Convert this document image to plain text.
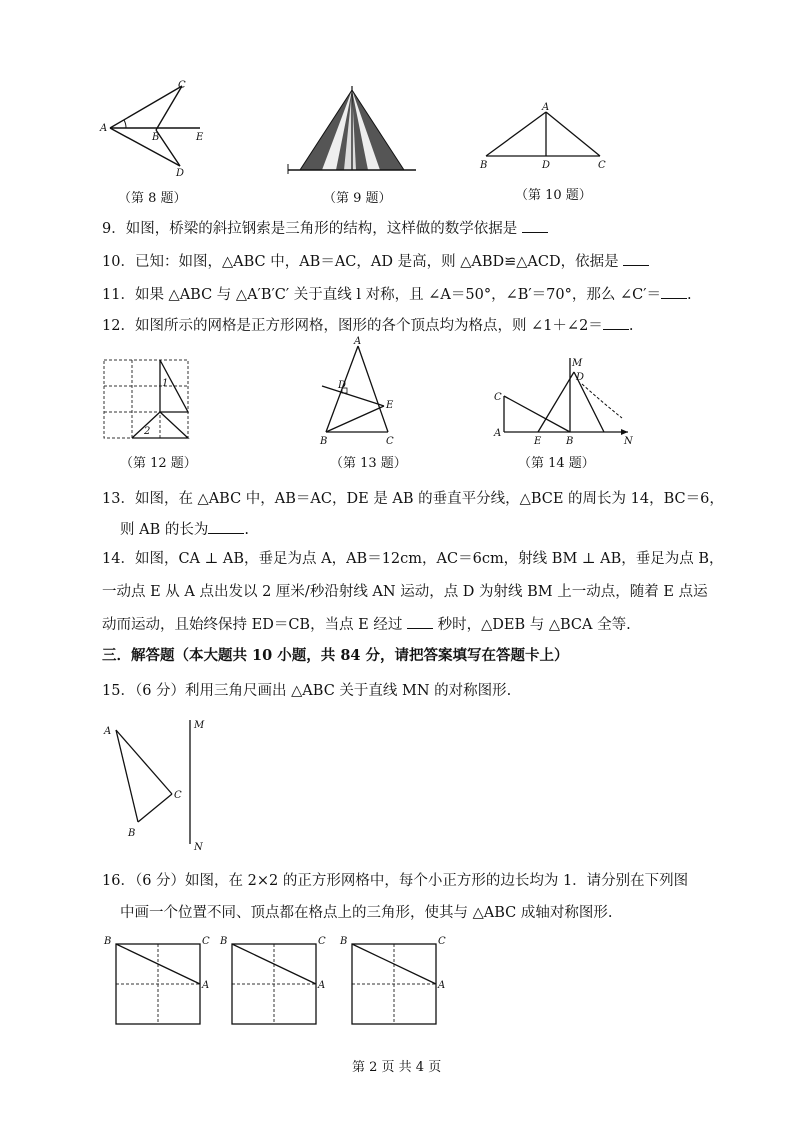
A
C
B	E
D
（第 8 题）	（第 9 题）
A
B	D	C
（第 10 题）
9．如图，桥梁的斜拉钢索是三角形的结构，这样做的数学依据是
10．已知：如图，△ABC 中，AB＝AC，AD 是高，则 △ABD≌△ACD，依据是
11．如果 △ABC 与 △A′B′C′ 关于直线 l 对称，且 ∠A＝50°，∠B′＝70°，那么 ∠C′＝ .
12．如图所示的网格是正方形网格，图形的各个顶点均为格点，则 ∠1＋∠2＝ .
1
2
（第 12 题）
A
D
E
B	C
（第 13 题）
C
A
E B
M
D
N
（第 14 题）
13．如图，在 △ABC 中，AB＝AC，DE 是 AB 的垂直平分线，△BCE 的周长为 14，BC＝6，
则 AB 的长为 .
14．如图，CA ⊥ AB，垂足为点 A，AB＝12cm，AC＝6cm，射线 BM ⊥ AB，垂足为点 B，
一动点 E 从 A 点出发以 2 厘米/秒沿射线 AN 运动，点 D 为射线 BM 上一动点，随着 E 点运
动而运动，且始终保持 ED＝CB，当点 E 经过 秒时，△DEB 与 △BCA 全等.
三．解答题（本大题共 10 小题，共 84 分，请把答案填写在答题卡上）
15．（6 分）利用三角尺画出 △ABC 关于直线 MN 的对称图形.
A
C
B
M
N
16．（6 分）如图，在 2×2 的正方形网格中，每个小正方形的边长均为 1．请分别在下列图
中画一个位置不同、顶点都在格点上的三角形，使其与 △ABC 成轴对称图形.
B	C
A
B	C
A
B	C
A
第 2 页 共 4 页
